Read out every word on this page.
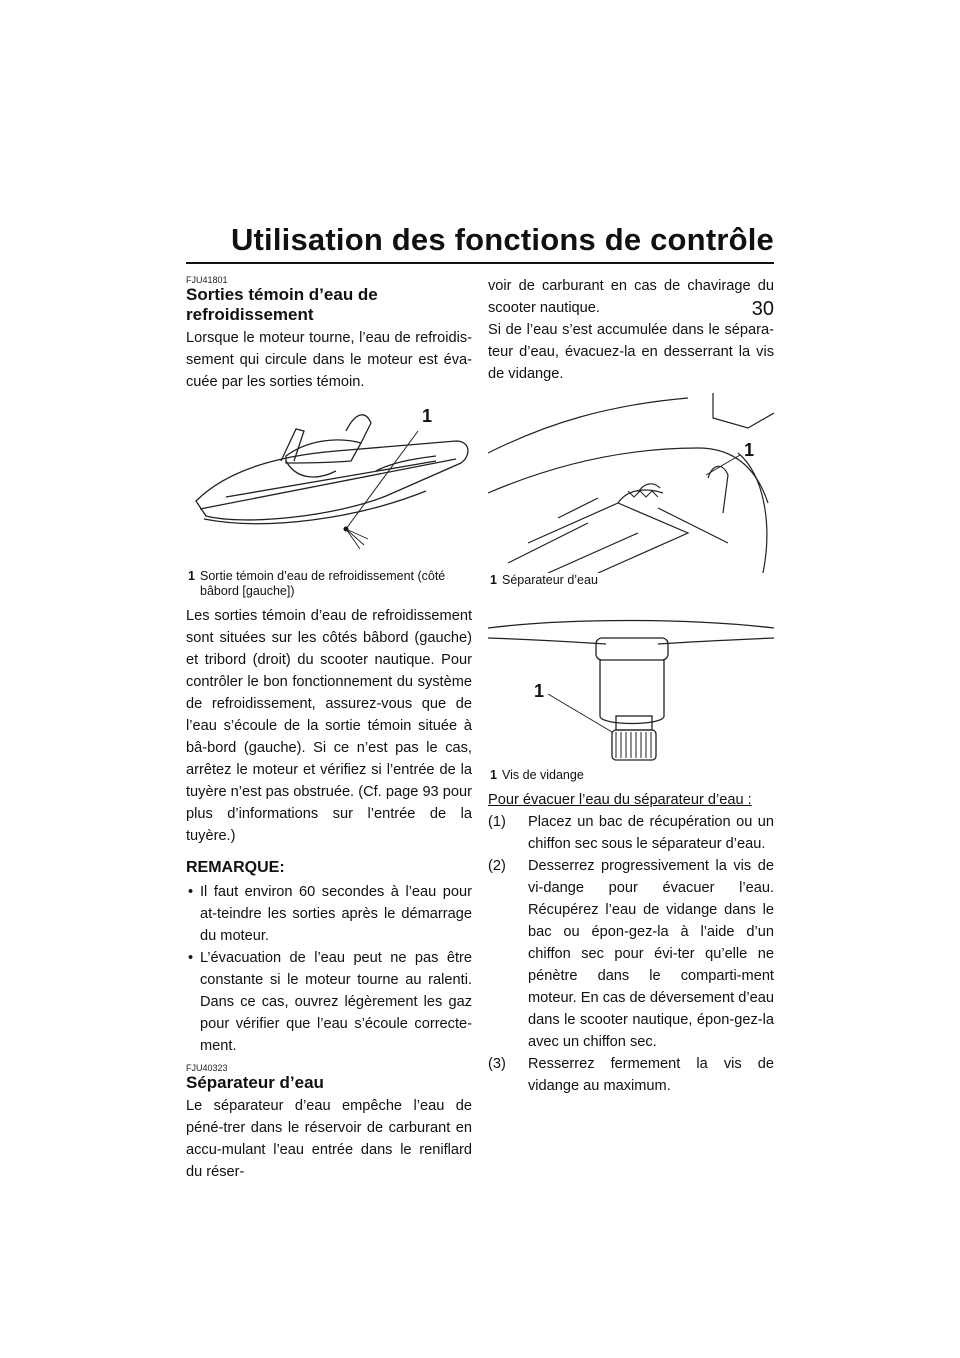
Utilisation des fonctions de contrôle
30
FJU41801
Sorties témoin d’eau de refroidissement

Lorsque le moteur tourne, l’eau de refroidis-sement qui circule dans le moteur est éva-cuée par les sorties témoin.

1
1 Sortie témoin d’eau de refroidissement (côté bâbord [gauche])

Les sorties témoin d’eau de refroidissement sont situées sur les côtés bâbord (gauche) et tribord (droit) du scooter nautique. Pour contrôler le bon fonctionnement du système de refroidissement, assurez-vous que de l’eau s’écoule de la sortie témoin située à bâ-bord (gauche). Si ce n’est pas le cas, arrêtez le moteur et vérifiez si l’entrée de la tuyère n’est pas obstruée. (Cf. page 93 pour plus d’informations sur l’entrée de la tuyère.)

REMARQUE:
• Il faut environ 60 secondes à l’eau pour at-teindre les sorties après le démarrage du moteur.
• L’évacuation de l’eau peut ne pas être constante si le moteur tourne au ralenti. Dans ce cas, ouvrez légèrement les gaz pour vérifier que l’eau s’écoule correcte-ment.
FJU40323
Séparateur d’eau

Le séparateur d’eau empêche l’eau de péné-trer dans le réservoir de carburant en accu-mulant l’eau entrée dans le reniflard du réser-

voir de carburant en cas de chavirage du scooter nautique.

Si de l’eau s’est accumulée dans le sépara-teur d’eau, évacuez-la en desserrant la vis de vidange.

1
1 Séparateur d’eau
1
1 Vis de vidange

Pour évacuer l’eau du séparateur d’eau :

(1) Placez un bac de récupération ou un chiffon sec sous le séparateur d’eau.
(2) Desserrez progressivement la vis de vi-dange pour évacuer l’eau. Récupérez l’eau de vidange dans le bac ou épon-gez-la à l’aide d’un chiffon sec pour évi-ter qu’elle ne pénètre dans le comparti-ment moteur. En cas de déversement d’eau dans le scooter nautique, épon-gez-la avec un chiffon sec.
(3) Resserrez fermement la vis de vidange au maximum.
